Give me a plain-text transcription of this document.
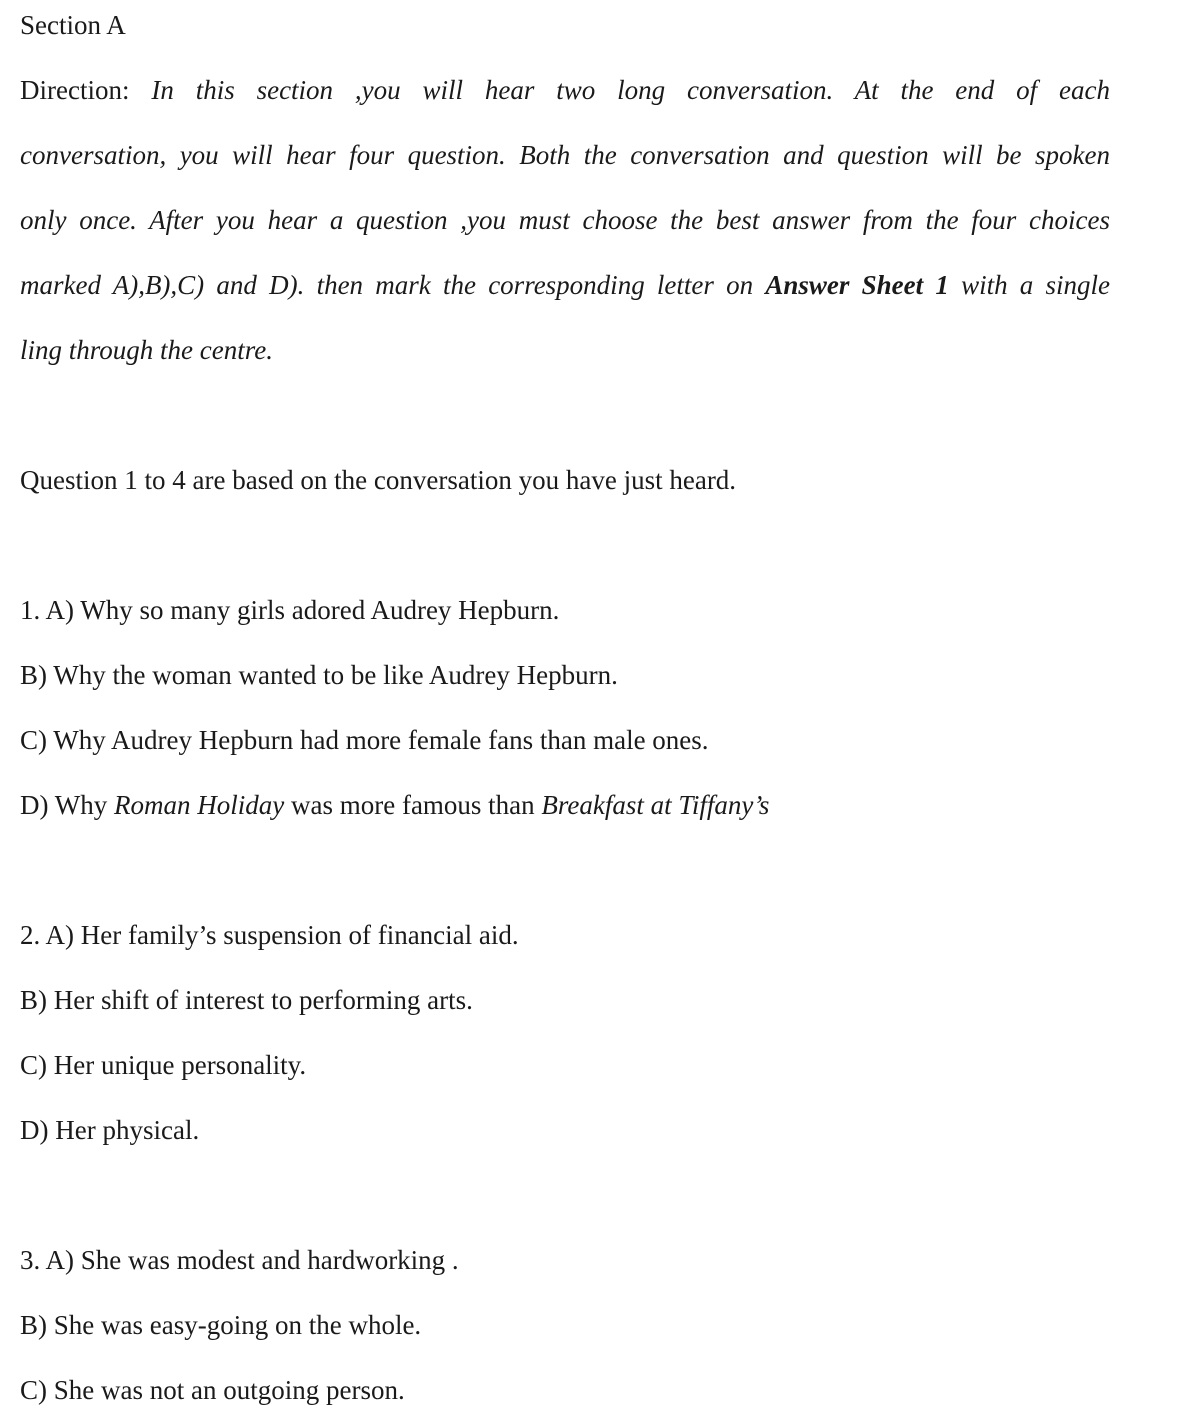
Section A
Direction: In this section ,you will hear two long conversation. At the end of each
conversation, you will hear four question. Both the conversation and question will be spoken
only once. After you hear a question ,you must choose the best answer from the four choices
marked A),B),C) and D). then mark the corresponding letter on Answer Sheet 1 with a single
ling through the centre.
Question 1 to 4 are based on the conversation you have just heard.
1. A) Why so many girls adored Audrey Hepburn.
B) Why the woman wanted to be like Audrey Hepburn.
C) Why Audrey Hepburn had more female fans than male ones.
D) Why Roman Holiday was more famous than Breakfast at Tiffany’s
2. A) Her family’s suspension of financial aid.
B) Her shift of interest to performing arts.
C) Her unique personality.
D) Her physical.
3. A) She was modest and hardworking .
B) She was easy-going on the whole.
C) She was not an outgoing person.
